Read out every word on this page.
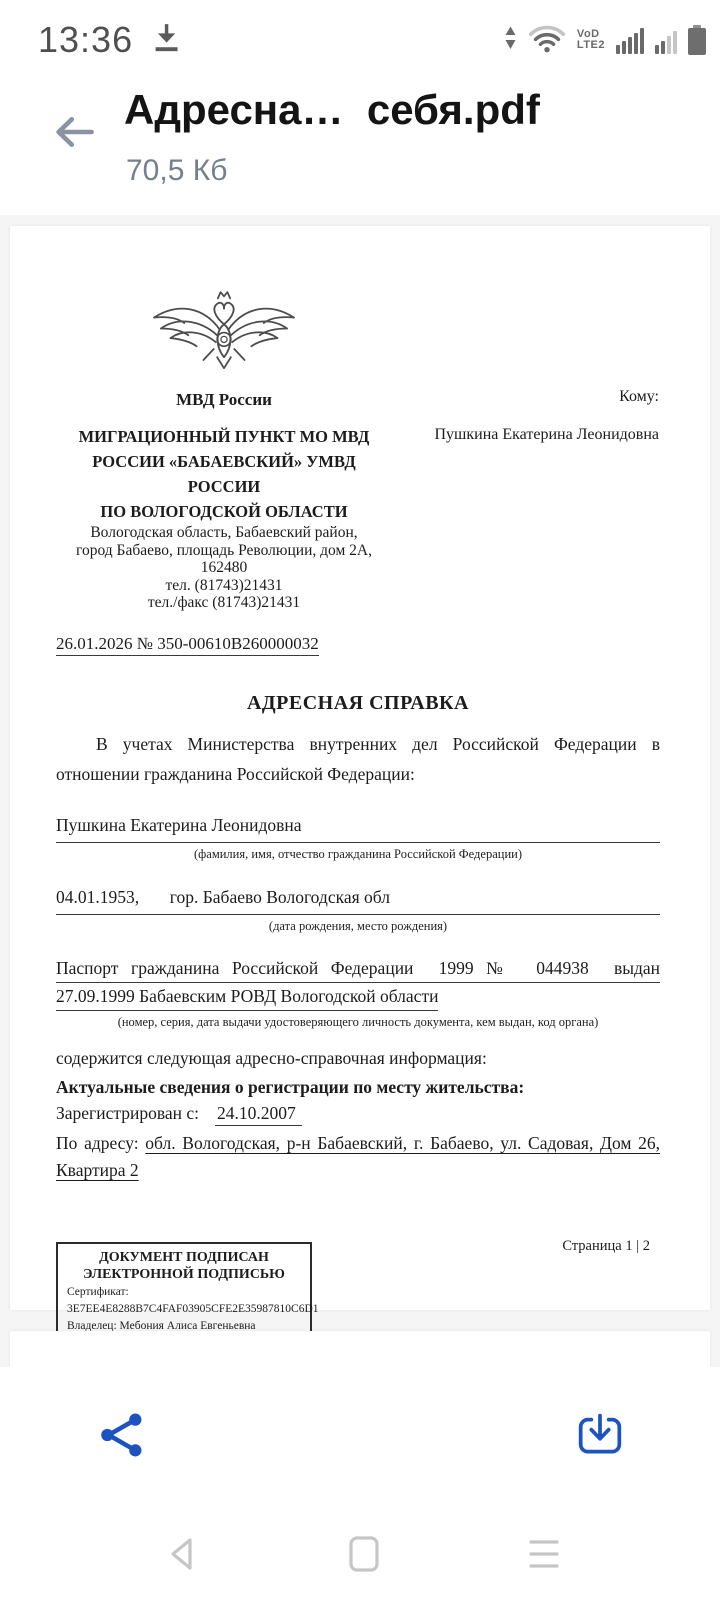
13:36	VoD
LTE2
Адресна…  себя.pdf
70,5 Кб
МВД России	Кому:
Пушкина Екатерина Леонидовна
МИГРАЦИОННЫЙ ПУНКТ МО МВД
РОССИИ «БАБАЕВСКИЙ» УМВД РОССИИ
ПО ВОЛОГОДСКОЙ ОБЛАСТИ
Вологодская область, Бабаевский район,
город Бабаево, площадь Революции, дом 2А,
162480
тел. (81743)21431
тел./факс (81743)21431
26.01.2026 № 350-00610В260000032
АДРЕСНАЯ СПРАВКА
В учетах Министерства внутренних дел Российской Федерации в отношении гражданина Российской Федерации:
Пушкина Екатерина Леонидовна
(фамилия, имя, отчество гражданина Российской Федерации)
04.01.1953,       гор. Бабаево Вологодская обл
(дата рождения, место рождения)
Паспорт гражданина Российской Федерации  1999 №  044938  выдан
27.09.1999 Бабаевским РОВД Вологодской области
(номер, серия, дата выдачи удостоверяющего личность документа, кем выдан, код органа)
содержится следующая адресно-справочная информация:
Актуальные сведения о регистрации по месту жительства:
Зарегистрирован с: 24.10.2007
По адресу: обл. Вологодская, р-н Бабаевский, г. Бабаево, ул. Садовая, Дом 26, Квартира 2
ДОКУМЕНТ ПОДПИСАН
ЭЛЕКТРОННОЙ ПОДПИСЬЮ
Сертификат:
3E7EE4E8288B7C4FAF03905CFE2E35987810C6D1
Владелец: Мебония Алиса Евгеньевна
Страница 1 | 2
